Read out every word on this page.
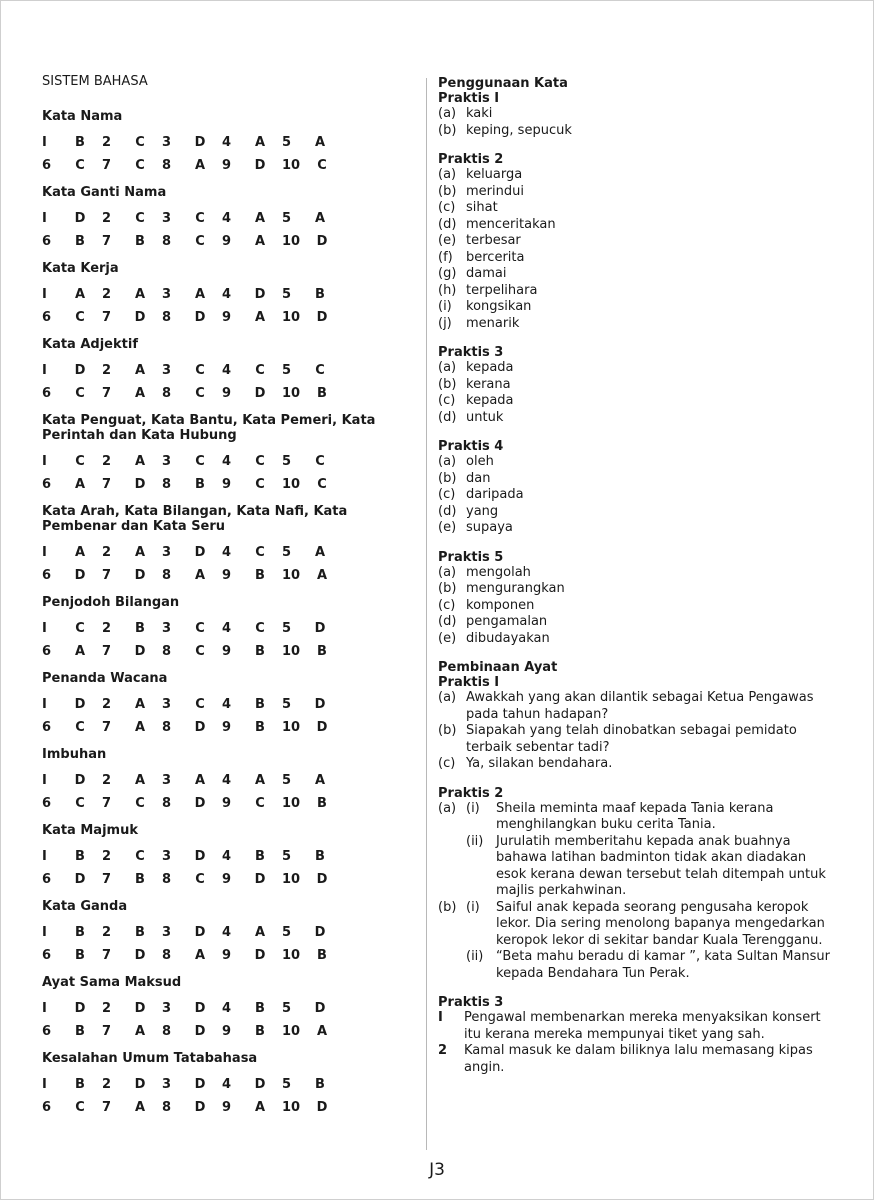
SISTEM BAHASA
Kata Nama
I	B	2	C	3	D	4	A	5	A
6	C	7	C	8	A	9	D	10	C
Kata Ganti Nama
I	D	2	C	3	C	4	A	5	A
6	B	7	B	8	C	9	A	10	D
Kata Kerja
I	A	2	A	3	A	4	D	5	B
6	C	7	D	8	D	9	A	10	D
Kata Adjektif
I	D	2	A	3	C	4	C	5	C
6	C	7	A	8	C	9	D	10	B
Kata Penguat, Kata Bantu, Kata Pemeri, Kata Perintah dan Kata Hubung
I	C	2	A	3	C	4	C	5	C
6	A	7	D	8	B	9	C	10	C
Kata Arah, Kata Bilangan, Kata Nafi, Kata Pembenar dan Kata Seru
I	A	2	A	3	D	4	C	5	A
6	D	7	D	8	A	9	B	10	A
Penjodoh Bilangan
I	C	2	B	3	C	4	C	5	D
6	A	7	D	8	C	9	B	10	B
Penanda Wacana
I	D	2	A	3	C	4	B	5	D
6	C	7	A	8	D	9	B	10	D
Imbuhan
I	D	2	A	3	A	4	A	5	A
6	C	7	C	8	D	9	C	10	B
Kata Majmuk
I	B	2	C	3	D	4	B	5	B
6	D	7	B	8	C	9	D	10	D
Kata Ganda
I	B	2	B	3	D	4	A	5	D
6	B	7	D	8	A	9	D	10	B
Ayat Sama Maksud
I	D	2	D	3	D	4	B	5	D
6	B	7	A	8	D	9	B	10	A
Kesalahan Umum Tatabahasa
I	B	2	D	3	D	4	D	5	B
6	C	7	A	8	D	9	A	10	D
Penggunaan Kata
Praktis I
(a) kaki
(b) keping, sepucuk
Praktis 2
(a) keluarga
(b) merindui
(c) sihat
(d) menceritakan
(e) terbesar
(f)	bercerita
(g) damai
(h) terpelihara
(i)	kongsikan
(j)	menarik
Praktis 3
(a) kepada
(b) kerana
(c) kepada
(d) untuk
Praktis 4
(a) oleh
(b) dan
(c) daripada
(d) yang
(e) supaya
Praktis 5
(a) mengolah
(b) mengurangkan
(c) komponen
(d) pengamalan
(e) dibudayakan
Pembinaan Ayat
Praktis I
(a) Awakkah yang akan dilantik sebagai Ketua Pengawas pada tahun hadapan?
(b) Siapakah yang telah dinobatkan sebagai pemidato terbaik sebentar tadi?
(c) Ya, silakan bendahara.
Praktis 2
(a) (i)	Sheila meminta maaf kepada Tania kerana menghilangkan buku cerita Tania.
(ii) Jurulatih memberitahu kepada anak buahnya bahawa latihan badminton tidak akan diadakan esok kerana dewan tersebut telah ditempah untuk majlis perkahwinan.
(b) (i)	Saiful anak kepada seorang pengusaha keropok lekor. Dia sering menolong bapanya mengedarkan keropok lekor di sekitar bandar Kuala Terengganu.
(ii) “Beta mahu beradu di kamar ”, kata Sultan Mansur kepada Bendahara Tun Perak.
Praktis 3
I	Pengawal membenarkan mereka menyaksikan konsert itu kerana mereka mempunyai tiket yang sah.
2	Kamal masuk ke dalam biliknya lalu memasang kipas angin.
J3
